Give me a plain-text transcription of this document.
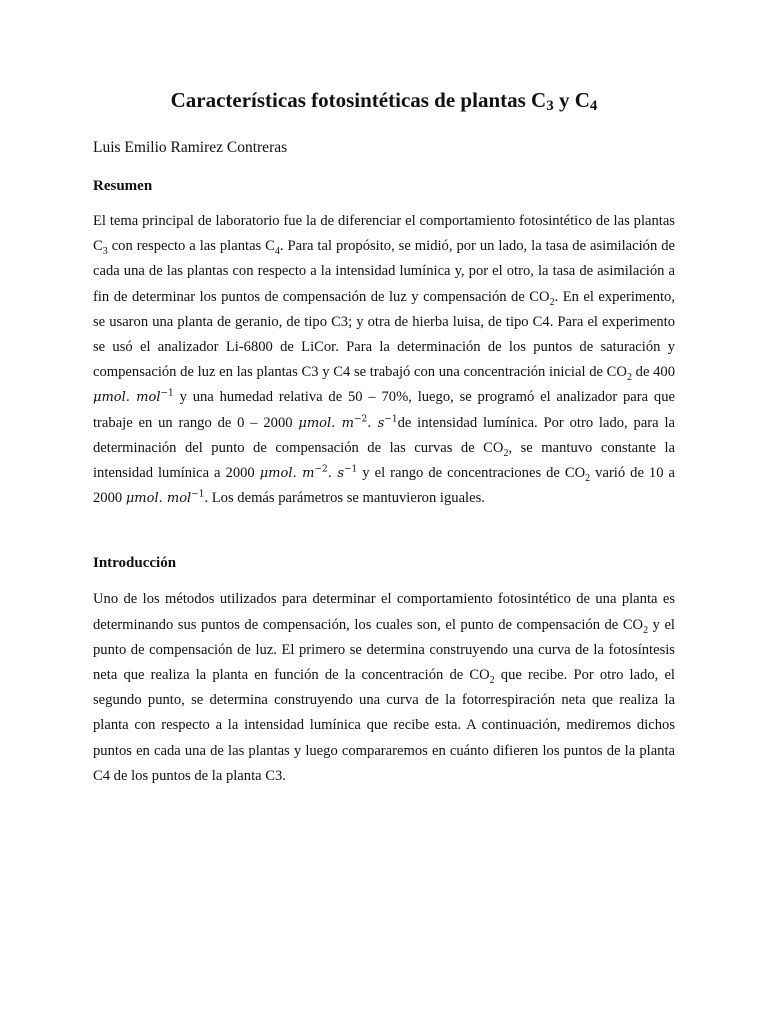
Características fotosintéticas de plantas C3 y C4

Luis Emilio Ramirez Contreras

Resumen

El tema principal de laboratorio fue la de diferenciar el comportamiento fotosintético de las plantas $C_3$ con respecto a las plantas $C_4$. Para tal propósito, se midió, por un lado, la tasa de asimilación de cada una de las plantas con respecto a la intensidad lumínica y, por el otro, la tasa de asimilación a fin de determinar los puntos de compensación de luz y compensación de $CO_2$. En el experimento, se usaron una planta de geranio, de tipo C3; y otra de hierba luisa, de tipo C4. Para el experimento se usó el analizador Li-6800 de LiCor. Para la determinación de los puntos de saturación y compensación de luz en las plantas C3 y C4 se trabajó con una concentración inicial de $CO_2$ de 400 μmol. mol$^{-1}$ y una humedad relativa de 50 – 70%, luego, se programó el analizador para que trabaje en un rango de 0 – 2000 μmol. $m^{-2}$. $s^{-1}de$ intensidad lumínica. Por otro lado, para la determinación del punto de compensación de las curvas de $CO_2$, se mantuvo constante la intensidad lumínica a 2000 μmol. $m^{-2}$. $s^{-1}$ y el rango de concentraciones de $CO_2$ varió de 10 a 2000 μmol. mol$^{-1}$. Los demás parámetros se mantuvieron iguales.

Introducción

Uno de los métodos utilizados para determinar el comportamiento fotosintético de una planta es determinando sus puntos de compensación, los cuales son, el punto de compensación de $CO_2$ y el punto de compensación de luz. El primero se determina construyendo una curva de la fotosíntesis neta que realiza la planta en función de la concentración de $CO_2$ que recibe. Por otro lado, el segundo punto, se determina construyendo una curva de la fotorrespiración neta que realiza la planta con respecto a la intensidad lumínica que recibe esta. A continuación, mediremos dichos puntos en cada una de las plantas y luego compararemos en cuánto difieren los puntos de la planta C4 de los puntos de la planta C3.
